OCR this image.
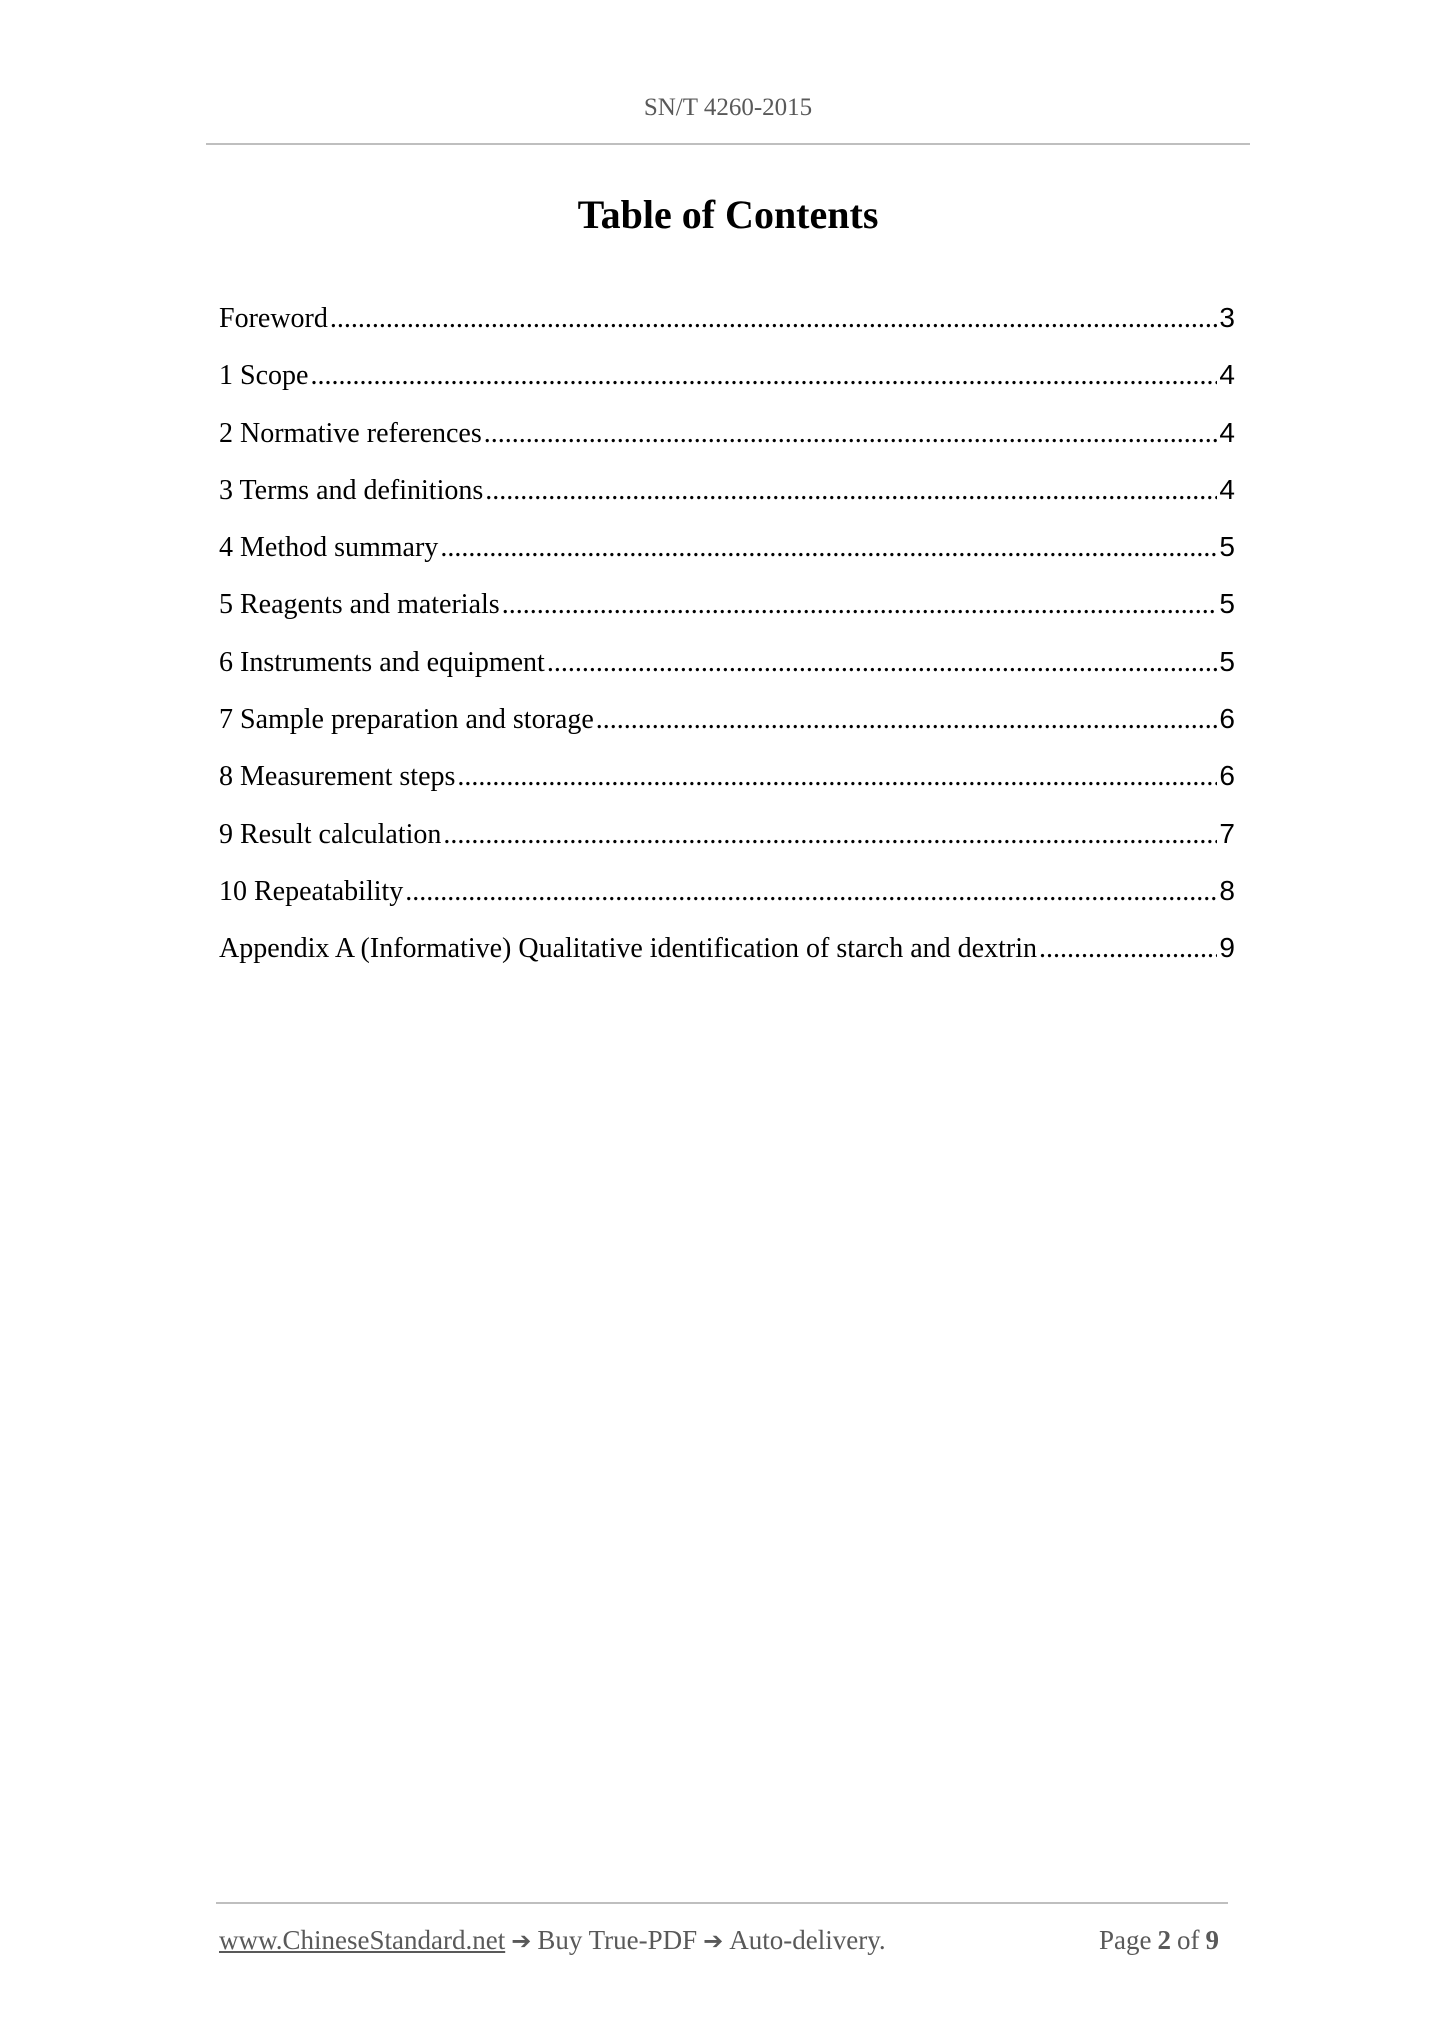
SN/T 4260-2015
Table of Contents
Foreword .....	3
1 Scope .....	4
2 Normative references .....	4
3 Terms and definitions .....	4
4 Method summary .....	5
5 Reagents and materials .....	5
6 Instruments and equipment .....	5
7 Sample preparation and storage .....	6
8 Measurement steps .....	6
9 Result calculation .....	7
10 Repeatability .....	8
Appendix A (Informative) Qualitative identification of starch and dextrin .....	9
www.ChineseStandard.net ➔ Buy True-PDF ➔ Auto-delivery.	Page 2 of 9
